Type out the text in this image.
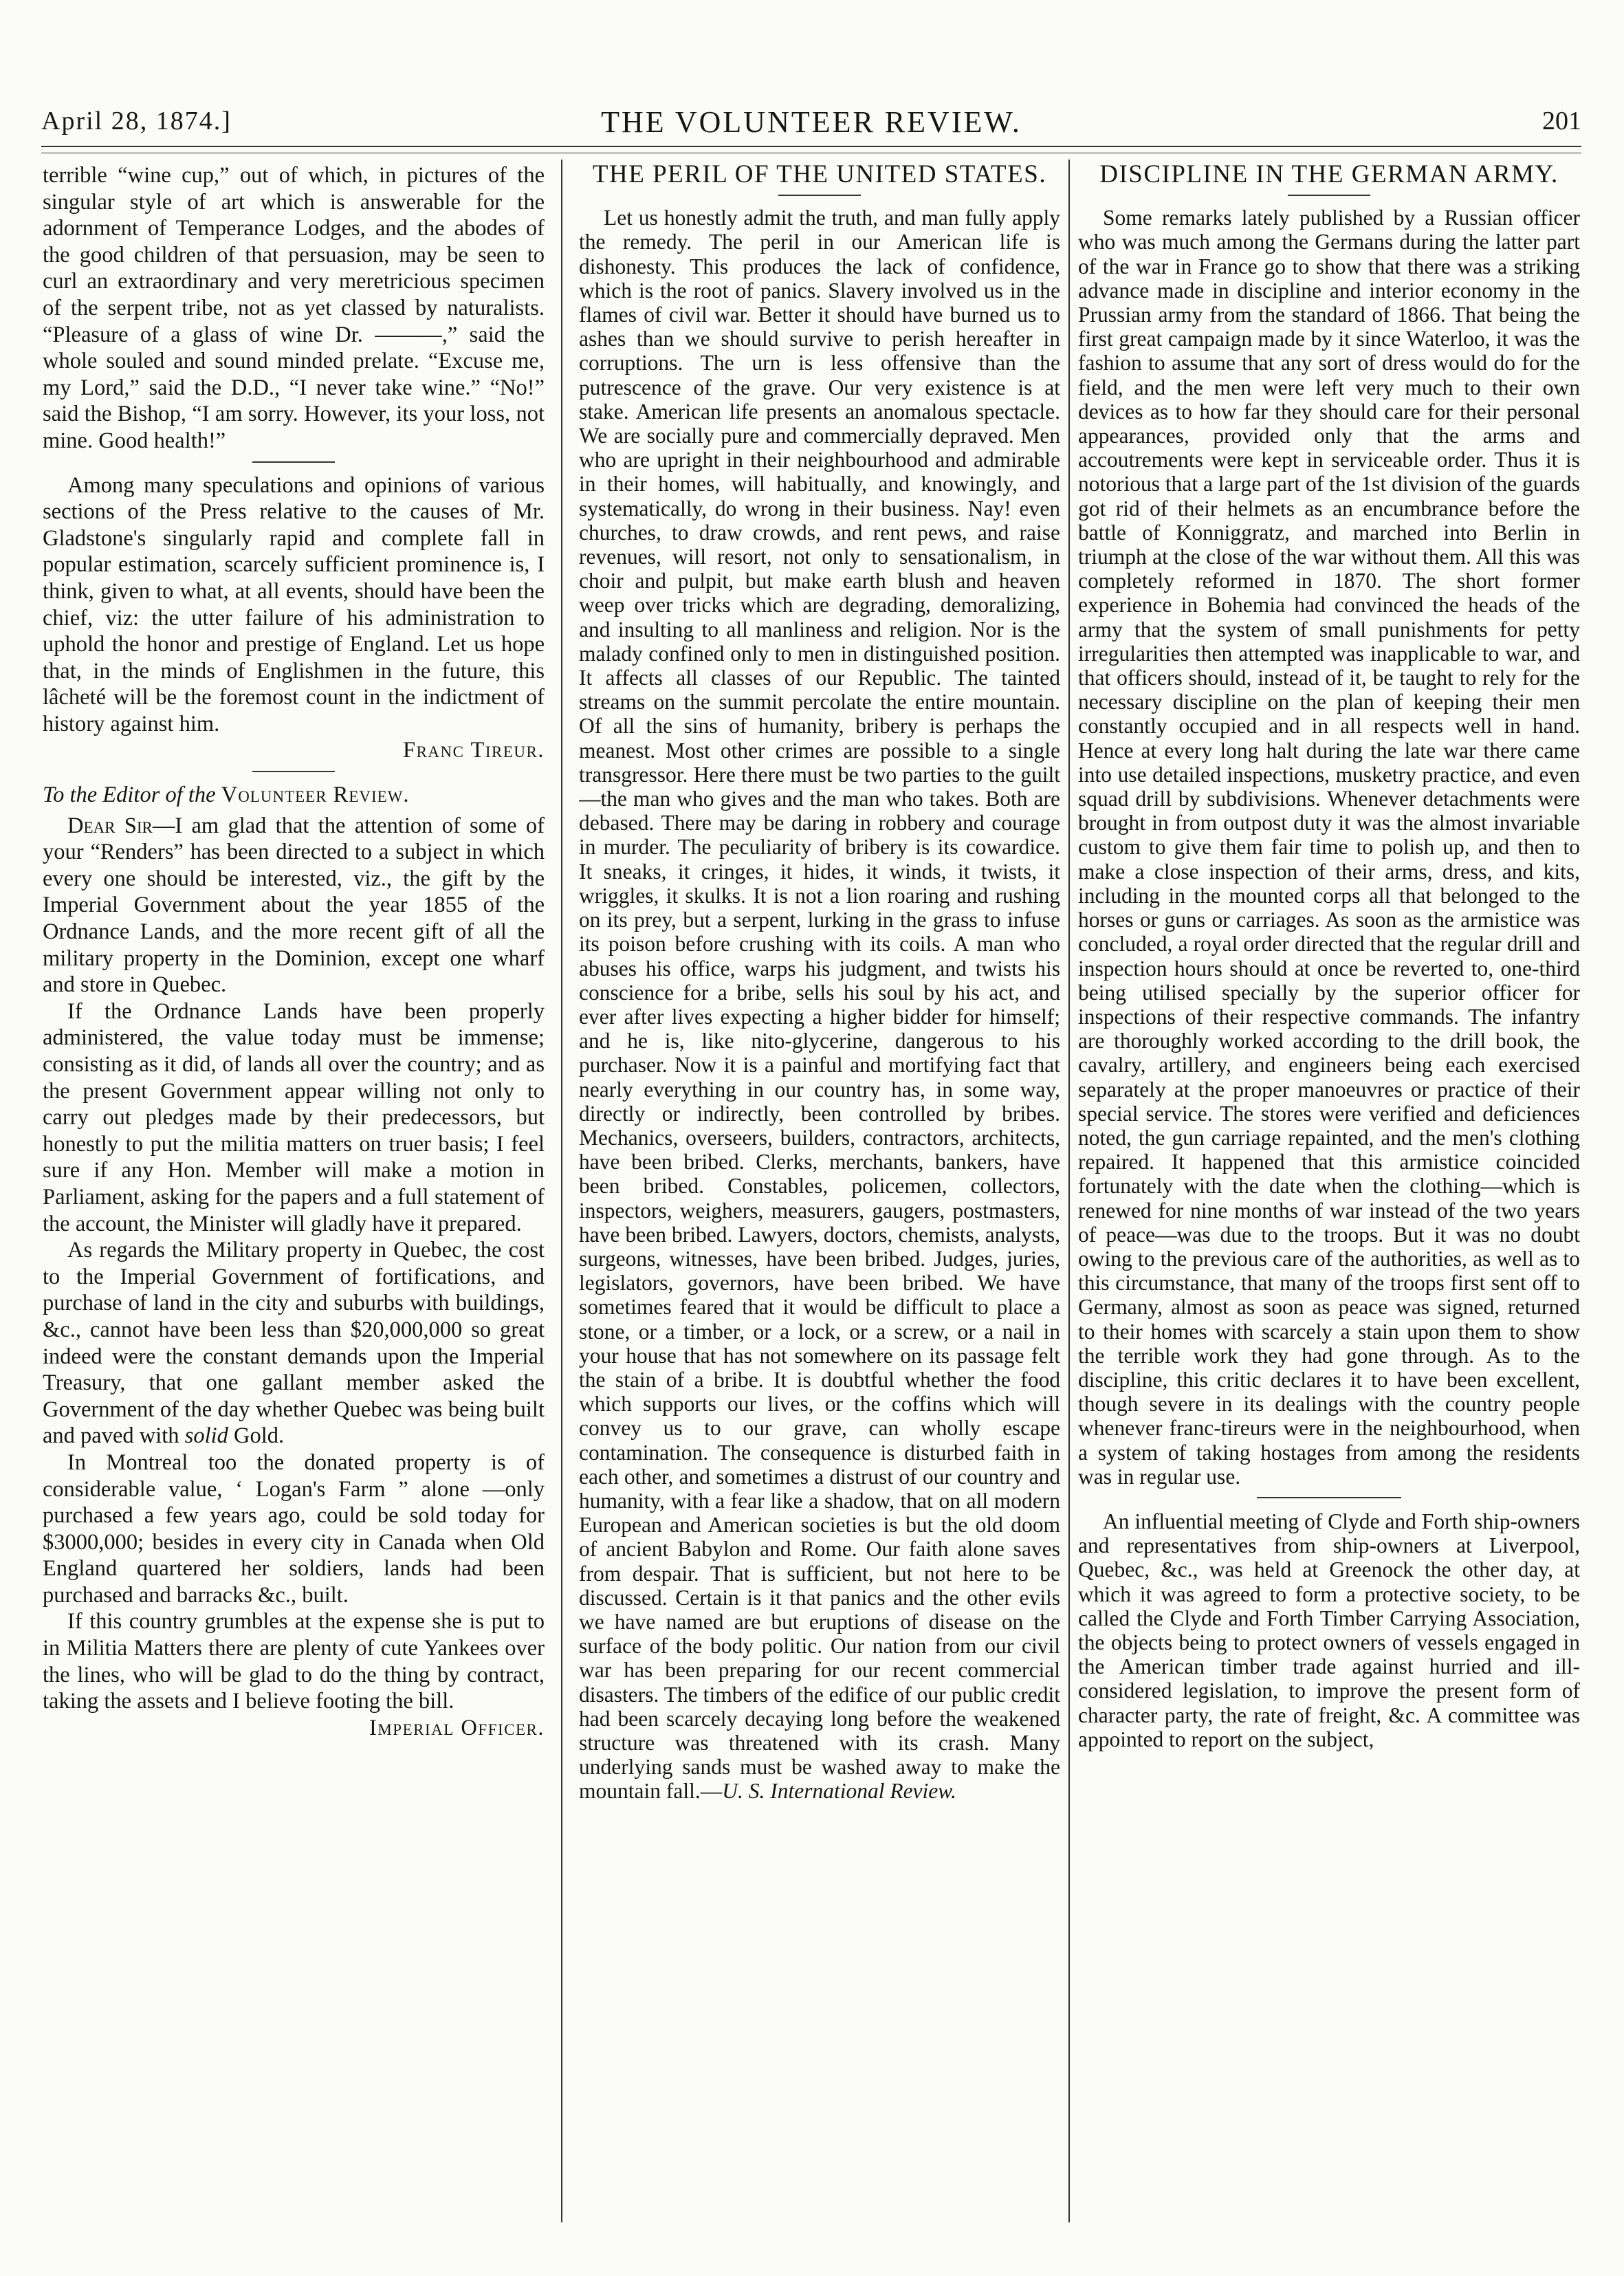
April 28, 1874.]	THE VOLUNTEER REVIEW.	201

terrible “wine cup,” out of which, in pictures of the singular style of art which is answerable for the adornment of Temperance Lodges, and the abodes of the good children of that persuasion, may be seen to curl an extraordinary and very meretricious specimen of the serpent tribe, not as yet classed by naturalists. “Pleasure of a glass of wine Dr. ———,” said the whole souled and sound minded prelate. “Excuse me, my Lord,” said the D.D., “I never take wine.” “No!” said the Bishop, “I am sorry. However, its your loss, not mine. Good health!”

Among many speculations and opinions of various sections of the Press relative to the causes of Mr. Gladstone's singularly rapid and complete fall in popular estimation, scarcely sufficient prominence is, I think, given to what, at all events, should have been the chief, viz: the utter failure of his administration to uphold the honor and prestige of England. Let us hope that, in the minds of Englishmen in the future, this lâcheté will be the foremost count in the indictment of history against him.

Franc Tireur.

To the Editor of the Volunteer Review.

Dear Sir—I am glad that the attention of some of your “Renders” has been directed to a subject in which every one should be interested, viz., the gift by the Imperial Government about the year 1855 of the Ordnance Lands, and the more recent gift of all the military property in the Dominion, except one wharf and store in Quebec.

If the Ordnance Lands have been properly administered, the value today must be immense; consisting as it did, of lands all over the country; and as the present Government appear willing not only to carry out pledges made by their predecessors, but honestly to put the militia matters on truer basis; I feel sure if any Hon. Member will make a motion in Parliament, asking for the papers and a full statement of the account, the Minister will gladly have it prepared.

As regards the Military property in Quebec, the cost to the Imperial Government of fortifications, and purchase of land in the city and suburbs with buildings, &c., cannot have been less than $20,000,000 so great indeed were the constant demands upon the Imperial Treasury, that one gallant member asked the Government of the day whether Quebec was being built and paved with solid Gold.

In Montreal too the donated property is of considerable value, ‘ Logan's Farm ” alone —only purchased a few years ago, could be sold today for $3000,000; besides in every city in Canada when Old England quartered her soldiers, lands had been purchased and barracks &c., built.

If this country grumbles at the expense she is put to in Militia Matters there are plenty of cute Yankees over the lines, who will be glad to do the thing by contract, taking the assets and I believe footing the bill.

Imperial Officer.

THE PERIL OF THE UNITED STATES.

Let us honestly admit the truth, and man fully apply the remedy. The peril in our American life is dishonesty. This produces the lack of confidence, which is the root of panics. Slavery involved us in the flames of civil war. Better it should have burned us to ashes than we should survive to perish hereafter in corruptions. The urn is less offensive than the putrescence of the grave. Our very existence is at stake. American life presents an anomalous spectacle. We are socially pure and commercially depraved. Men who are upright in their neighbourhood and admirable in their homes, will habitually, and knowingly, and systematically, do wrong in their business. Nay! even churches, to draw crowds, and rent pews, and raise revenues, will resort, not only to sensationalism, in choir and pulpit, but make earth blush and heaven weep over tricks which are degrading, demoralizing, and insulting to all manliness and religion. Nor is the malady confined only to men in distinguished position. It affects all classes of our Republic. The tainted streams on the summit percolate the entire mountain. Of all the sins of humanity, bribery is perhaps the meanest. Most other crimes are possible to a single transgressor. Here there must be two parties to the guilt—the man who gives and the man who takes. Both are debased. There may be daring in robbery and courage in murder. The peculiarity of bribery is its cowardice. It sneaks, it cringes, it hides, it winds, it twists, it wriggles, it skulks. It is not a lion roaring and rushing on its prey, but a serpent, lurking in the grass to infuse its poison before crushing with its coils. A man who abuses his office, warps his judgment, and twists his conscience for a bribe, sells his soul by his act, and ever after lives expecting a higher bidder for himself; and he is, like nito-glycerine, dangerous to his purchaser. Now it is a painful and mortifying fact that nearly everything in our country has, in some way, directly or indirectly, been controlled by bribes. Mechanics, overseers, builders, contractors, architects, have been bribed. Clerks, merchants, bankers, have been bribed. Constables, policemen, collectors, inspectors, weighers, measurers, gaugers, postmasters, have been bribed. Lawyers, doctors, chemists, analysts, surgeons, witnesses, have been bribed. Judges, juries, legislators, governors, have been bribed. We have sometimes feared that it would be difficult to place a stone, or a timber, or a lock, or a screw, or a nail in your house that has not somewhere on its passage felt the stain of a bribe. It is doubtful whether the food which supports our lives, or the coffins which will convey us to our grave, can wholly escape contamination. The consequence is disturbed faith in each other, and sometimes a distrust of our country and humanity, with a fear like a shadow, that on all modern European and American societies is but the old doom of ancient Babylon and Rome. Our faith alone saves from despair. That is sufficient, but not here to be discussed. Certain is it that panics and the other evils we have named are but eruptions of disease on the surface of the body politic. Our nation from our civil war has been preparing for our recent commercial disasters. The timbers of the edifice of our public credit had been scarcely decaying long before the weakened structure was threatened with its crash. Many underlying sands must be washed away to make the mountain fall.—U. S. International Review.

DISCIPLINE IN THE GERMAN ARMY.

Some remarks lately published by a Russian officer who was much among the Germans during the latter part of the war in France go to show that there was a striking advance made in discipline and interior economy in the Prussian army from the standard of 1866. That being the first great campaign made by it since Waterloo, it was the fashion to assume that any sort of dress would do for the field, and the men were left very much to their own devices as to how far they should care for their personal appearances, provided only that the arms and accoutrements were kept in serviceable order. Thus it is notorious that a large part of the 1st division of the guards got rid of their helmets as an encumbrance before the battle of Konniggratz, and marched into Berlin in triumph at the close of the war without them. All this was completely reformed in 1870. The short former experience in Bohemia had convinced the heads of the army that the system of small punishments for petty irregularities then attempted was inapplicable to war, and that officers should, instead of it, be taught to rely for the necessary discipline on the plan of keeping their men constantly occupied and in all respects well in hand. Hence at every long halt during the late war there came into use detailed inspections, musketry practice, and even squad drill by subdivisions. Whenever detachments were brought in from outpost duty it was the almost invariable custom to give them fair time to polish up, and then to make a close inspection of their arms, dress, and kits, including in the mounted corps all that belonged to the horses or guns or carriages. As soon as the armistice was concluded, a royal order directed that the regular drill and inspection hours should at once be reverted to, one-third being utilised specially by the superior officer for inspections of their respective commands. The infantry are thoroughly worked according to the drill book, the cavalry, artillery, and engineers being each exercised separately at the proper manoeuvres or practice of their special service. The stores were verified and deficiences noted, the gun carriage repainted, and the men's clothing repaired. It happened that this armistice coincided fortunately with the date when the clothing—which is renewed for nine months of war instead of the two years of peace—was due to the troops. But it was no doubt owing to the previous care of the authorities, as well as to this circumstance, that many of the troops first sent off to Germany, almost as soon as peace was signed, returned to their homes with scarcely a stain upon them to show the terrible work they had gone through. As to the discipline, this critic declares it to have been excellent, though severe in its dealings with the country people whenever franc-tireurs were in the neighbourhood, when a system of taking hostages from among the residents was in regular use.

An influential meeting of Clyde and Forth ship-owners and representatives from ship-owners at Liverpool, Quebec, &c., was held at Greenock the other day, at which it was agreed to form a protective society, to be called the Clyde and Forth Timber Carrying Association, the objects being to protect owners of vessels engaged in the American timber trade against hurried and ill-considered legislation, to improve the present form of character party, the rate of freight, &c. A committee was appointed to report on the subject,
